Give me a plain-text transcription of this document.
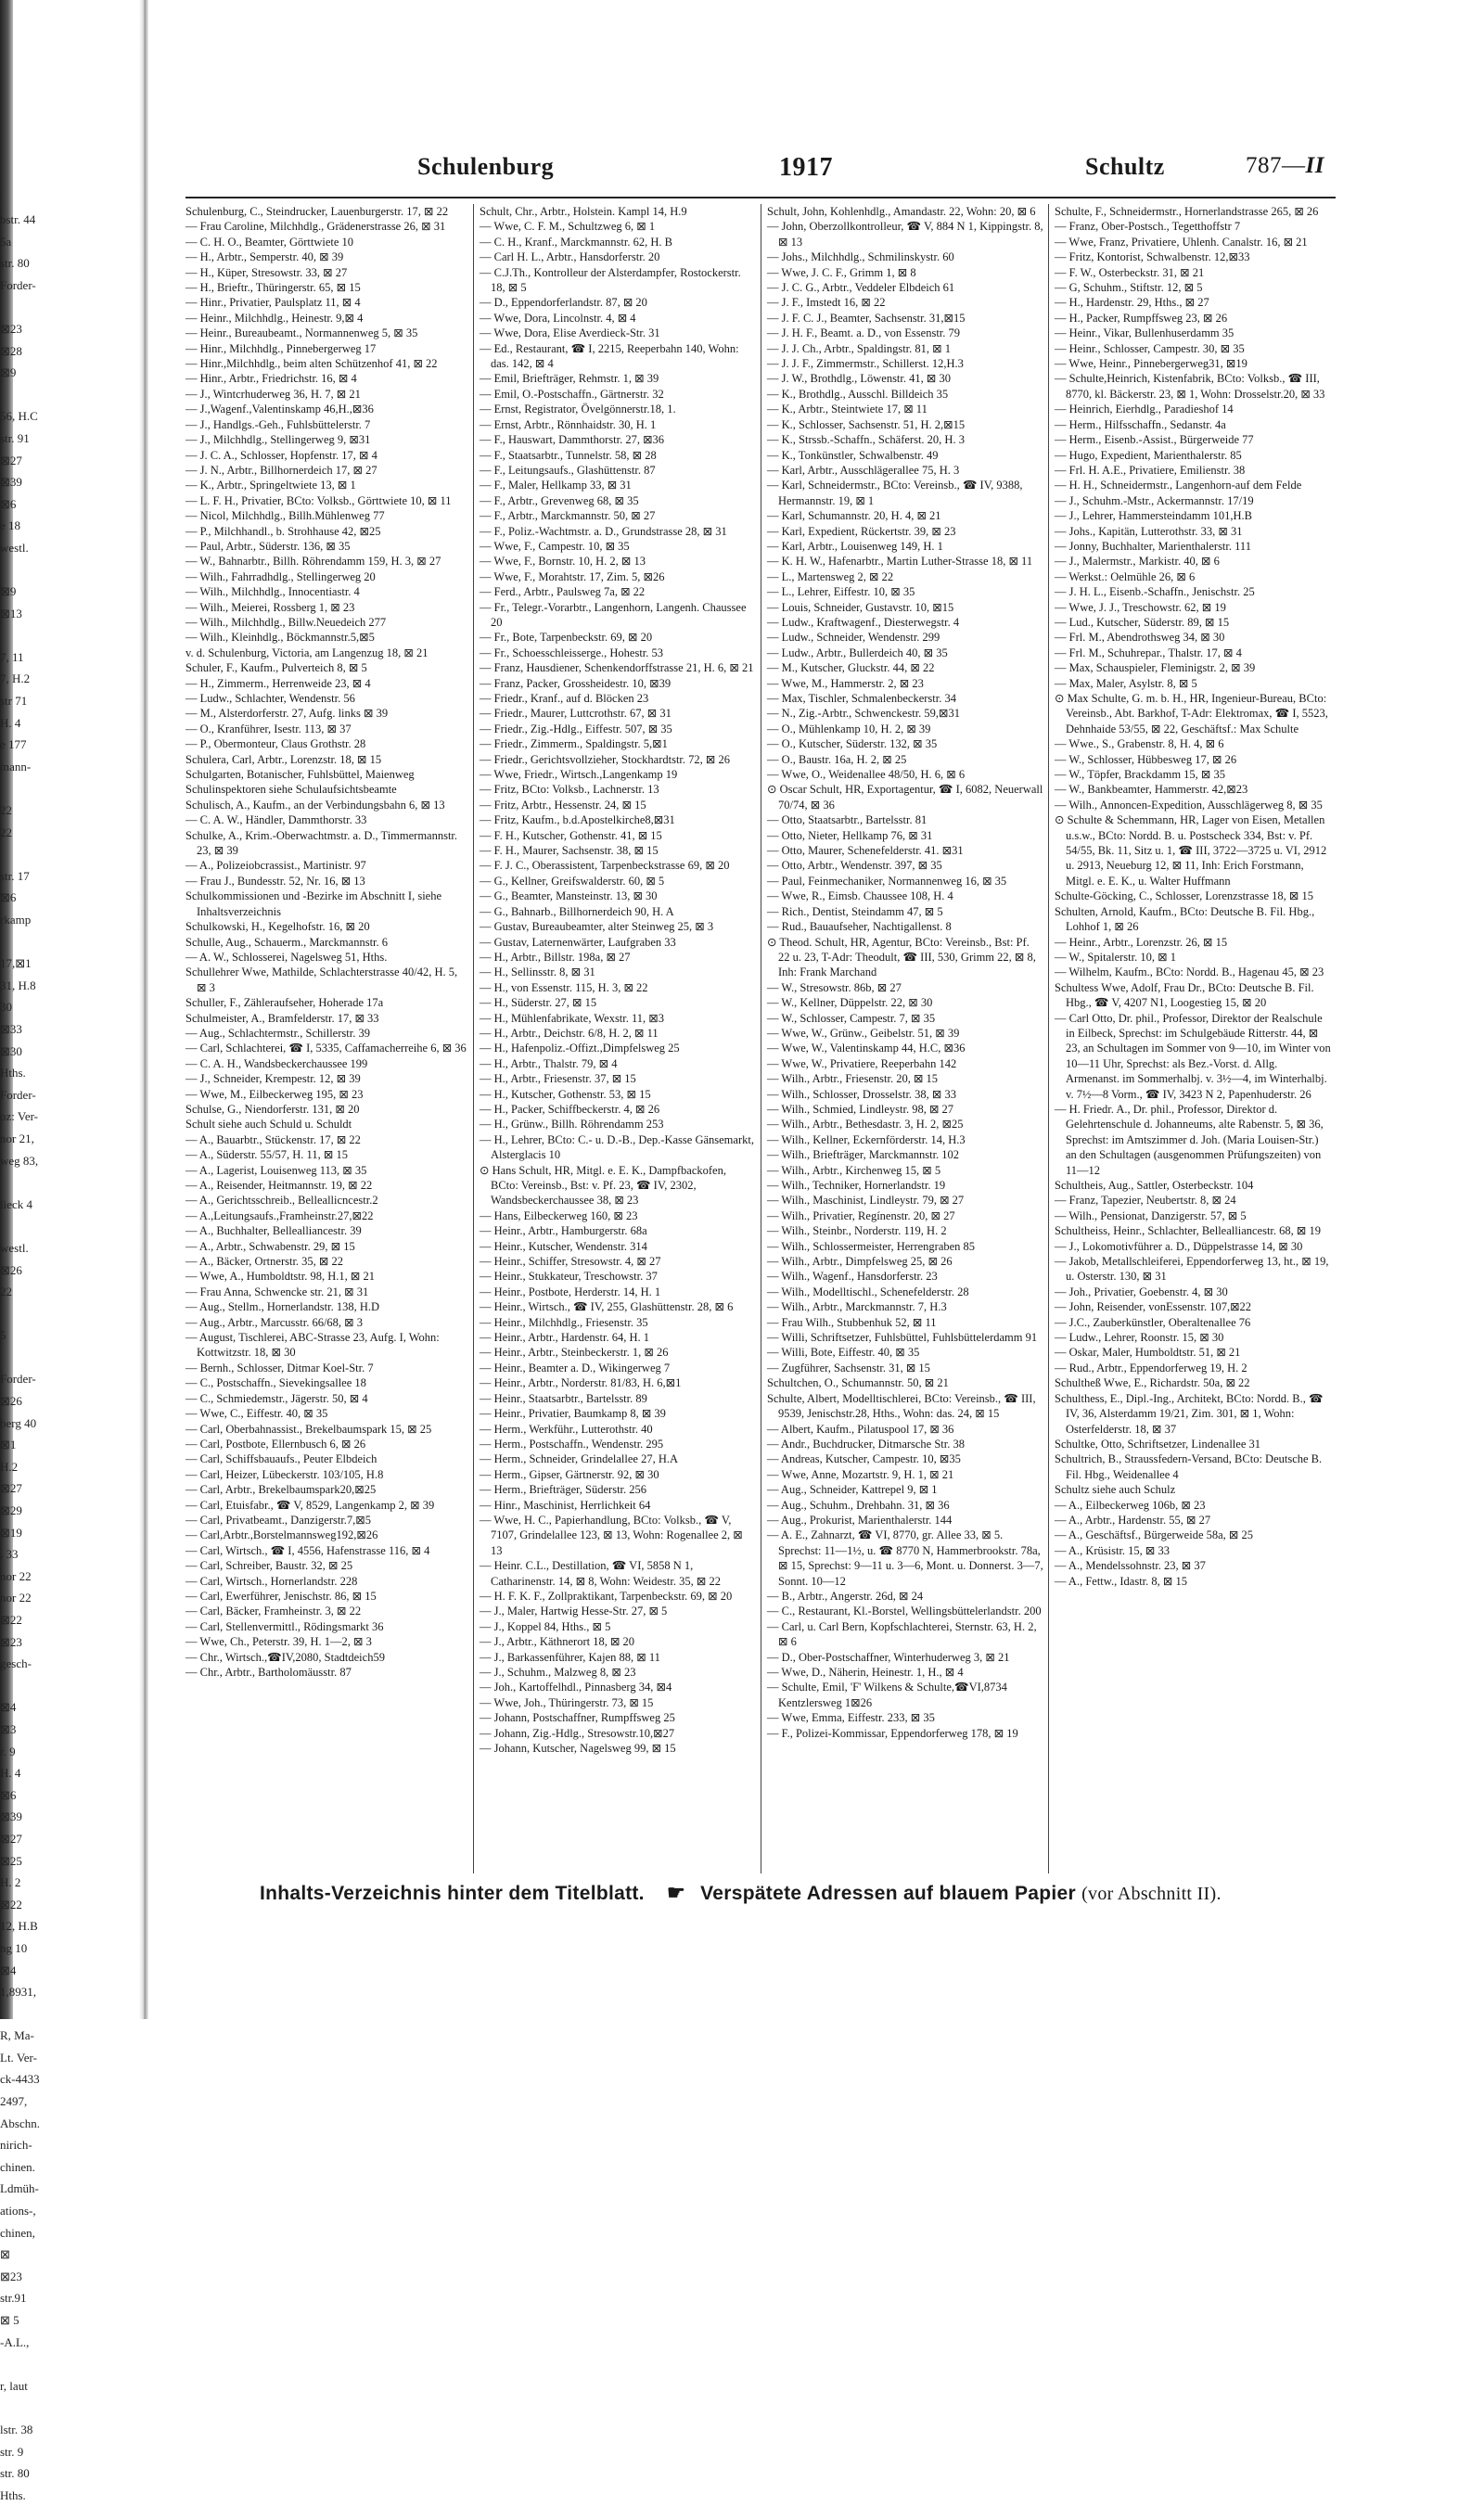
bstr. 44
5a
str. 80
Forder-
⊠23
⊠28
⊠9
56, H.C
str. 91
⊠27
⊠39
⊠6
e 18
westl.
⊠9
⊠13
7, 11
7, H.2
str 71
H. 4
e 177
mann-
22
22
str. 17
⊠6
rkamp
17,⊠1
31, H.8
30
⊠33
⊠30
Hths.
Forder-
oz: Ver-
nor 21,
weg 83,
lieck 4
westl.
⊠26
22
5
Forder-
⊠26
berg 40
⊠1
H.2
⊠27
⊠29
⊠19
. 33
nor 22
nor 22
⊠22
⊠23
gesch-
⊠4
⊠3
r. 9
H. 4
⊠6
⊠39
⊠27
⊠25
H. 2
⊠22
12, H.B
ng 10
⊠4
1,8931,
R, Ma-
Lt. Ver-
ck-4433
2497,
Abschn.
nirich-
chinen.
Ldmüh-
ations-,
chinen,
⊠
⊠23
str.91
⊠ 5
-A.L.,
r, laut
lstr. 38
str. 9
str. 80
Hths.
Schulenburg	1917	Schultz	787—II

Schulenburg, C., Steindrucker, Lauenburgerstr. 17, ⊠ 22

— Frau Caroline, Milchhdlg., Grädenerstrasse 26, ⊠ 31

— C. H. O., Beamter, Görttwiete 10

— H., Arbtr., Semperstr. 40, ⊠ 39

— H., Küper, Stresowstr. 33, ⊠ 27

— H., Brieftr., Thüringerstr. 65, ⊠ 15

— Hinr., Privatier, Paulsplatz 11, ⊠ 4

— Heinr., Milchhdlg., Heinestr. 9,⊠ 4

— Heinr., Bureaubeamt., Normannenweg 5, ⊠ 35

— Hinr., Milchhdlg., Pinnebergerweg 17

— Hinr.,Milchhdlg., beim alten Schützenhof 41, ⊠ 22

— Hinr., Arbtr., Friedrichstr. 16, ⊠ 4

— J., Wintcrhuderweg 36, H. 7, ⊠ 21

— J.,Wagenf.,Valentinskamp 46,H.,⊠36

— J., Handlgs.-Geh., Fuhlsbüttelerstr. 7

— J., Milchhdlg., Stellingerweg 9, ⊠31

— J. C. A., Schlosser, Hopfenstr. 17, ⊠ 4

— J. N., Arbtr., Billhornerdeich 17, ⊠ 27

— K., Arbtr., Springeltwiete 13, ⊠ 1

— L. F. H., Privatier, BCto: Volksb., Görttwiete 10, ⊠ 11

— Nicol, Milchhdlg., Billh.Mühlenweg 77

— P., Milchhandl., b. Strohhause 42, ⊠25

— Paul, Arbtr., Süderstr. 136, ⊠ 35

— W., Bahnarbtr., Billh. Röhrendamm 159, H. 3, ⊠ 27

— Wilh., Fahrradhdlg., Stellingerweg 20

— Wilh., Milchhdlg., Innocentiastr. 4

— Wilh., Meierei, Rossberg 1, ⊠ 23

— Wilh., Milchhdlg., Billw.Neuedeich 277

— Wilh., Kleinhdlg., Böckmannstr.5,⊠5

v. d. Schulenburg, Victoria, am Langenzug 18, ⊠ 21

Schuler, F., Kaufm., Pulverteich 8, ⊠ 5

— H., Zimmerm., Herrenweide 23, ⊠ 4

— Ludw., Schlachter, Wendenstr. 56

— M., Alsterdorferstr. 27, Aufg. links ⊠ 39

— O., Kranführer, Isestr. 113, ⊠ 37

— P., Obermonteur, Claus Grothstr. 28

Schulera, Carl, Arbtr., Lorenzstr. 18, ⊠ 15

Schulgarten, Botanischer, Fuhlsbüttel, Maienweg

Schulinspektoren siehe Schulaufsichtsbeamte

Schulisch, A., Kaufm., an der Verbindungsbahn 6, ⊠ 13

— C. A. W., Händler, Dammthorstr. 33

Schulke, A., Krim.-Oberwachtmstr. a. D., Timmermannstr. 23, ⊠ 39

— A., Polizeiobcrassist., Martinistr. 97

— Frau J., Bundesstr. 52, Nr. 16, ⊠ 13

Schulkommissionen und -Bezirke im Abschnitt I, siehe Inhaltsverzeichnis

Schulkowski, H., Kegelhofstr. 16, ⊠ 20

Schulle, Aug., Schauerm., Marckmannstr. 6

— A. W., Schlosserei, Nagelsweg 51, Hths.

Schullehrer Wwe, Mathilde, Schlachterstrasse 40/42, H. 5, ⊠ 3

Schuller, F., Zähleraufseher, Hoherade 17a

Schulmeister, A., Bramfelderstr. 17, ⊠ 33

— Aug., Schlachtermstr., Schillerstr. 39

— Carl, Schlachterei, ☎ I, 5335, Caffamacherreihe 6, ⊠ 36

— C. A. H., Wandsbeckerchaussee 199

— J., Schneider, Krempestr. 12, ⊠ 39

— Wwe, M., Eilbeckerweg 195, ⊠ 23

Schulse, G., Niendorferstr. 131, ⊠ 20

Schult siehe auch Schuld u. Schuldt

— A., Bauarbtr., Stückenstr. 17, ⊠ 22

— A., Süderstr. 55/57, H. 11, ⊠ 15

— A., Lagerist, Louisenweg 113, ⊠ 35

— A., Reisender, Heitmannstr. 19, ⊠ 22

— A., Gerichtsschreib., Belleallicncestr.2

— A.,Leitungsaufs.,Framheinstr.27,⊠22

— A., Buchhalter, Bellealliancestr. 39

— A., Arbtr., Schwabenstr. 29, ⊠ 15

— A., Bäcker, Ortnerstr. 35, ⊠ 22

— Wwe, A., Humboldtstr. 98, H.1, ⊠ 21

— Frau Anna, Schwencke str. 21, ⊠ 31

— Aug., Stellm., Hornerlandstr. 138, H.D

— Aug., Arbtr., Marcusstr. 66/68, ⊠ 3

— August, Tischlerei, ABC-Strasse 23, Aufg. I, Wohn: Kottwitzstr. 18, ⊠ 30

— Bernh., Schlosser, Ditmar Koel-Str. 7

— C., Postschaffn., Sievekingsallee 18

— C., Schmiedemstr., Jägerstr. 50, ⊠ 4

— Wwe, C., Eiffestr. 40, ⊠ 35

— Carl, Oberbahnassist., Brekelbaumspark 15, ⊠ 25

— Carl, Postbote, Ellernbusch 6, ⊠ 26

— Carl, Schiffsbauaufs., Peuter Elbdeich

— Carl, Heizer, Lübeckerstr. 103/105, H.8

— Carl, Arbtr., Brekelbaumspark20,⊠25

— Carl, Etuisfabr., ☎ V, 8529, Langenkamp 2, ⊠ 39

— Carl, Privatbeamt., Danzigerstr.7,⊠5

— Carl,Arbtr.,Borstelmannsweg192,⊠26

— Carl, Wirtsch., ☎ I, 4556, Hafenstrasse 116, ⊠ 4

— Carl, Schreiber, Baustr. 32, ⊠ 25

— Carl, Wirtsch., Hornerlandstr. 228

— Carl, Ewerführer, Jenischstr. 86, ⊠ 15

— Carl, Bäcker, Framheinstr. 3, ⊠ 22

— Carl, Stellenvermittl., Rödingsmarkt 36

— Wwe, Ch., Peterstr. 39, H. 1—2, ⊠ 3

— Chr., Wirtsch.,☎IV,2080, Stadtdeich59

— Chr., Arbtr., Bartholomäusstr. 87

Schult, Chr., Arbtr., Holstein. Kampl 14, H.9

— Wwe, C. F. M., Schultzweg 6, ⊠ 1

— C. H., Kranf., Marckmannstr. 62, H. B

— Carl H. L., Arbtr., Hansdorferstr. 20

— C.J.Th., Kontrolleur der Alsterdampfer, Rostockerstr. 18, ⊠ 5

— D., Eppendorferlandstr. 87, ⊠ 20

— Wwe, Dora, Lincolnstr. 4, ⊠ 4

— Wwe, Dora, Elise Averdieck-Str. 31

— Ed., Restaurant, ☎ I, 2215, Reeperbahn 140, Wohn: das. 142, ⊠ 4

— Emil, Briefträger, Rehmstr. 1, ⊠ 39

— Emil, O.-Postschaffn., Gärtnerstr. 32

— Ernst, Registrator, Övelgönnerstr.18, 1.

— Ernst, Arbtr., Rönnhaidstr. 30, H. 1

— F., Hauswart, Dammthorstr. 27, ⊠36

— F., Staatsarbtr., Tunnelstr. 58, ⊠ 28

— F., Leitungsaufs., Glashüttenstr. 87

— F., Maler, Hellkamp 33, ⊠ 31

— F., Arbtr., Grevenweg 68, ⊠ 35

— F., Arbtr., Marckmannstr. 50, ⊠ 27

— F., Poliz.-Wachtmstr. a. D., Grundstrasse 28, ⊠ 31

— Wwe, F., Campestr. 10, ⊠ 35

— Wwe, F., Bornstr. 10, H. 2, ⊠ 13

— Wwe, F., Morahtstr. 17, Zim. 5, ⊠26

— Ferd., Arbtr., Paulsweg 7a, ⊠ 22

— Fr., Telegr.-Vorarbtr., Langenhorn, Langenh. Chaussee 20

— Fr., Bote, Tarpenbeckstr. 69, ⊠ 20

— Fr., Schoesschleisserge., Hohestr. 53

— Franz, Hausdiener, Schenkendorffstrasse 21, H. 6, ⊠ 21

— Franz, Packer, Grossheidestr. 10, ⊠39

— Friedr., Kranf., auf d. Blöcken 23

— Friedr., Maurer, Luttcrothstr. 67, ⊠ 31

— Friedr., Zig.-Hdlg., Eiffestr. 507, ⊠ 35

— Friedr., Zimmerm., Spaldingstr. 5,⊠1

— Friedr., Gerichtsvollzieher, Stockhardtstr. 72, ⊠ 26

— Wwe, Friedr., Wirtsch.,Langenkamp 19

— Fritz, BCto: Volksb., Lachnerstr. 13

— Fritz, Arbtr., Hessenstr. 24, ⊠ 15

— Fritz, Kaufm., b.d.Apostelkirche8,⊠31

— F. H., Kutscher, Gothenstr. 41, ⊠ 15

— F. H., Maurer, Sachsenstr. 38, ⊠ 15

— F. J. C., Oberassistent, Tarpenbeckstrasse 69, ⊠ 20

— G., Kellner, Greifswalderstr. 60, ⊠ 5

— G., Beamter, Mansteinstr. 13, ⊠ 30

— G., Bahnarb., Billhornerdeich 90, H. A

— Gustav, Bureaubeamter, alter Steinweg 25, ⊠ 3

— Gustav, Laternenwärter, Laufgraben 33

— H., Arbtr., Billstr. 198a, ⊠ 27

— H., Sellinsstr. 8, ⊠ 31

— H., von Essenstr. 115, H. 3, ⊠ 22

— H., Süderstr. 27, ⊠ 15

— H., Mühlenfabrikate, Wexstr. 11, ⊠3

— H., Arbtr., Deichstr. 6/8, H. 2, ⊠ 11

— H., Hafenpoliz.-Offizt.,Dimpfelsweg 25

— H., Arbtr., Thalstr. 79, ⊠ 4

— H., Arbtr., Friesenstr. 37, ⊠ 15

— H., Kutscher, Gothenstr. 53, ⊠ 15

— H., Packer, Schiffbeckerstr. 4, ⊠ 26

— H., Grünw., Billh. Röhrendamm 253

— H., Lehrer, BCto: C.- u. D.-B., Dep.-Kasse Gänsemarkt, Alsterglacis 10

⊙ Hans Schult, HR, Mitgl. e. E. K., Dampfbackofen, BCto: Vereinsb., Bst: v. Pf. 23, ☎ IV, 2302, Wandsbeckerchaussee 38, ⊠ 23

— Hans, Eilbeckerweg 160, ⊠ 23

— Heinr., Arbtr., Hamburgerstr. 68a

— Heinr., Kutscher, Wendenstr. 314

— Heinr., Schiffer, Stresowstr. 4, ⊠ 27

— Heinr., Stukkateur, Treschowstr. 37

— Heinr., Postbote, Herderstr. 14, H. 1

— Heinr., Wirtsch., ☎ IV, 255, Glashüttenstr. 28, ⊠ 6

— Heinr., Milchhdlg., Friesenstr. 35

— Heinr., Arbtr., Hardenstr. 64, H. 1

— Heinr., Arbtr., Steinbeckerstr. 1, ⊠ 26

— Heinr., Beamter a. D., Wikingerweg 7

— Heinr., Arbtr., Norderstr. 81/83, H. 6,⊠1

— Heinr., Staatsarbtr., Bartelsstr. 89

— Heinr., Privatier, Baumkamp 8, ⊠ 39

— Herm., Werkführ., Lutterothstr. 40

— Herm., Postschaffn., Wendenstr. 295

— Herm., Schneider, Grindelallee 27, H.A

— Herm., Gipser, Gärtnerstr. 92, ⊠ 30

— Herm., Briefträger, Süderstr. 256

— Hinr., Maschinist, Herrlichkeit 64

— Wwe, H. C., Papierhandlung, BCto: Volksb., ☎ V, 7107, Grindelallee 123, ⊠ 13, Wohn: Rogenallee 2, ⊠ 13

— Heinr. C.L., Destillation, ☎ VI, 5858 N 1, Catharinenstr. 14, ⊠ 8, Wohn: Weidestr. 35, ⊠ 22

— H. F. K. F., Zollpraktikant, Tarpenbeckstr. 69, ⊠ 20

— J., Maler, Hartwig Hesse-Str. 27, ⊠ 5

— J., Koppel 84, Hths., ⊠ 5

— J., Arbtr., Käthnerort 18, ⊠ 20

— J., Barkassenführer, Kajen 88, ⊠ 11

— J., Schuhm., Malzweg 8, ⊠ 23

— Joh., Kartoffelhdl., Pinnasberg 34, ⊠4

— Wwe, Joh., Thüringerstr. 73, ⊠ 15

— Johann, Postschaffner, Rumpffsweg 25

— Johann, Zig.-Hdlg., Stresowstr.10,⊠27

— Johann, Kutscher, Nagelsweg 99, ⊠ 15

Schult, John, Kohlenhdlg., Amandastr. 22, Wohn: 20, ⊠ 6

— John, Oberzollkontrolleur, ☎ V, 884 N 1, Kippingstr. 8, ⊠ 13

— Johs., Milchhdlg., Schmilinskystr. 60

— Wwe, J. C. F., Grimm 1, ⊠ 8

— J. C. G., Arbtr., Veddeler Elbdeich 61

— J. F., Imstedt 16, ⊠ 22

— J. F. C. J., Beamter, Sachsenstr. 31,⊠15

— J. H. F., Beamt. a. D., von Essenstr. 79

— J. J. Ch., Arbtr., Spaldingstr. 81, ⊠ 1

— J. J. F., Zimmermstr., Schillerst. 12,H.3

— J. W., Brothdlg., Löwenstr. 41, ⊠ 30

— K., Brothdlg., Ausschl. Billdeich 35

— K., Arbtr., Steintwiete 17, ⊠ 11

— K., Schlosser, Sachsenstr. 51, H. 2,⊠15

— K., Strssb.-Schaffn., Schäferst. 20, H. 3

— K., Tonkünstler, Schwalbenstr. 49

— Karl, Arbtr., Ausschlägerallee 75, H. 3

— Karl, Schneidermstr., BCto: Vereinsb., ☎ IV, 9388, Hermannstr. 19, ⊠ 1

— Karl, Schumannstr. 20, H. 4, ⊠ 21

— Karl, Expedient, Rückertstr. 39, ⊠ 23

— Karl, Arbtr., Louisenweg 149, H. 1

— K. H. W., Hafenarbtr., Martin Luther-Strasse 18, ⊠ 11

— L., Martensweg 2, ⊠ 22

— L., Lehrer, Eiffestr. 10, ⊠ 35

— Louis, Schneider, Gustavstr. 10, ⊠15

— Ludw., Kraftwagenf., Diesterwegstr. 4

— Ludw., Schneider, Wendenstr. 299

— Ludw., Arbtr., Bullerdeich 40, ⊠ 35

— M., Kutscher, Gluckstr. 44, ⊠ 22

— Wwe, M., Hammerstr. 2, ⊠ 23

— Max, Tischler, Schmalenbeckerstr. 34

— N., Zig.-Arbtr., Schwenckestr. 59,⊠31

— O., Mühlenkamp 10, H. 2, ⊠ 39

— O., Kutscher, Süderstr. 132, ⊠ 35

— O., Baustr. 16a, H. 2, ⊠ 25

— Wwe, O., Weidenallee 48/50, H. 6, ⊠ 6

⊙ Oscar Schult, HR, Exportagentur, ☎ I, 6082, Neuerwall 70/74, ⊠ 36

— Otto, Staatsarbtr., Bartelsstr. 81

— Otto, Nieter, Hellkamp 76, ⊠ 31

— Otto, Maurer, Schenefelderstr. 41. ⊠31

— Otto, Arbtr., Wendenstr. 397, ⊠ 35

— Paul, Feinmechaniker, Normannenweg 16, ⊠ 35

— Wwe, R., Eimsb. Chaussee 108, H. 4

— Rich., Dentist, Steindamm 47, ⊠ 5

— Rud., Bauaufseher, Nachtigallenst. 8

⊙ Theod. Schult, HR, Agentur, BCto: Vereinsb., Bst: Pf. 22 u. 23, T-Adr: Theodult, ☎ III, 530, Grimm 22, ⊠ 8, Inh: Frank Marchand

— W., Stresowstr. 86b, ⊠ 27

— W., Kellner, Düppelstr. 22, ⊠ 30

— W., Schlosser, Campestr. 7, ⊠ 35

— Wwe, W., Grünw., Geibelstr. 51, ⊠ 39

— Wwe, W., Valentinskamp 44, H.C, ⊠36

— Wwe, W., Privatiere, Reeperbahn 142

— Wilh., Arbtr., Friesenstr. 20, ⊠ 15

— Wilh., Schlosser, Drosselstr. 38, ⊠ 33

— Wilh., Schmied, Lindleystr. 98, ⊠ 27

— Wilh., Arbtr., Bethesdastr. 3, H. 2, ⊠25

— Wilh., Kellner, Eckernförderstr. 14, H.3

— Wilh., Briefträger, Marckmannstr. 102

— Wilh., Arbtr., Kirchenweg 15, ⊠ 5

— Wilh., Techniker, Hornerlandstr. 19

— Wilh., Maschinist, Lindleystr. 79, ⊠ 27

— Wilh., Privatier, Regínenstr. 20, ⊠ 27

— Wilh., Steinbr., Norderstr. 119, H. 2

— Wilh., Schlossermeister, Herrengraben 85

— Wilh., Arbtr., Dimpfelsweg 25, ⊠ 26

— Wilh., Wagenf., Hansdorferstr. 23

— Wilh., Modelltischl., Schenefelderstr. 28

— Wilh., Arbtr., Marckmannstr. 7, H.3

— Frau Wilh., Stubbenhuk 52, ⊠ 11

— Willi, Schriftsetzer, Fuhlsbüttel, Fuhlsbüttelerdamm 91

— Willi, Bote, Eiffestr. 40, ⊠ 35

— Zugführer, Sachsenstr. 31, ⊠ 15

Schultchen, O., Schumannstr. 50, ⊠ 21

Schulte, Albert, Modelltischlerei, BCto: Vereinsb., ☎ III, 9539, Jenischstr.28, Hths., Wohn: das. 24, ⊠ 15

— Albert, Kaufm., Pilatuspool 17, ⊠ 36

— Andr., Buchdrucker, Ditmarsche Str. 38

— Andreas, Kutscher, Campestr. 10, ⊠35

— Wwe, Anne, Mozartstr. 9, H. 1, ⊠ 21

— Aug., Schneider, Kattrepel 9, ⊠ 1

— Aug., Schuhm., Drehbahn. 31, ⊠ 36

— Aug., Prokurist, Marienthalerstr. 144

— A. E., Zahnarzt, ☎ VI, 8770, gr. Allee 33, ⊠ 5. Sprechst: 11—1½, u. ☎ 8770 N, Hammerbrookstr. 78a, ⊠ 15, Sprechst: 9—11 u. 3—6, Mont. u. Donnerst. 3—7, Sonnt. 10—12

— B., Arbtr., Angerstr. 26d, ⊠ 24

— C., Restaurant, Kl.-Borstel, Wellingsbüttelerlandstr. 200

— Carl, u. Carl Bern, Kopfschlachterei, Sternstr. 63, H. 2, ⊠ 6

— D., Ober-Postschaffner, Winterhuderweg 3, ⊠ 21

— Wwe, D., Näherin, Heinestr. 1, H., ⊠ 4

— Schulte, Emil, 'F' Wilkens & Schulte,☎VI,8734 Kentzlersweg 1⊠26

— Wwe, Emma, Eiffestr. 233, ⊠ 35

— F., Polizei-Kommissar, Eppendorferweg 178, ⊠ 19

Schulte, F., Schneidermstr., Hornerlandstrasse 265, ⊠ 26

— Franz, Ober-Postsch., Tegetthoffstr 7

— Wwe, Franz, Privatiere, Uhlenh. Canalstr. 16, ⊠ 21

— Fritz, Kontorist, Schwalbenstr. 12,⊠33

— F. W., Osterbeckstr. 31, ⊠ 21

— G, Schuhm., Stiftstr. 12, ⊠ 5

— H., Hardenstr. 29, Hths., ⊠ 27

— H., Packer, Rumpffsweg 23, ⊠ 26

— Heinr., Vikar, Bullenhuserdamm 35

— Heinr., Schlosser, Campestr. 30, ⊠ 35

— Wwe, Heinr., Pinnebergerweg31, ⊠19

— Schulte,Heinrich, Kistenfabrik, BCto: Volksb., ☎ III, 8770, kl. Bäckerstr. 23, ⊠ 1, Wohn: Drosselstr.20, ⊠ 33

— Heinrich, Eierhdlg., Paradieshof 14

— Herm., Hilfsschaffn., Sedanstr. 4a

— Herm., Eisenb.-Assist., Bürgerweide 77

— Hugo, Expedient, Marienthalerstr. 85

— Frl. H. A.E., Privatiere, Emilienstr. 38

— H. H., Schneidermstr., Langenhorn-auf dem Felde

— J., Schuhm.-Mstr., Ackermannstr. 17/19

— J., Lehrer, Hammersteindamm 101,H.B

— Johs., Kapitän, Lutterothstr. 33, ⊠ 31

— Jonny, Buchhalter, Marienthalerstr. 111

— J., Malermstr., Markistr. 40, ⊠ 6

— Werkst.: Oelmühle 26, ⊠ 6

— J. H. L., Eisenb.-Schaffn., Jenischstr. 25

— Wwe, J. J., Treschowstr. 62, ⊠ 19

— Lud., Kutscher, Süderstr. 89, ⊠ 15

— Frl. M., Abendrothsweg 34, ⊠ 30

— Frl. M., Schuhrepar., Thalstr. 17, ⊠ 4

— Max, Schauspieler, Fleminigstr. 2, ⊠ 39

— Max, Maler, Asylstr. 8, ⊠ 5

⊙ Max Schulte, G. m. b. H., HR, Ingenieur-Bureau, BCto: Vereinsb., Abt. Barkhof, T-Adr: Elektromax, ☎ I, 5523, Dehnhaide 53/55, ⊠ 22, Geschäftsf.: Max Schulte

— Wwe., S., Grabenstr. 8, H. 4, ⊠ 6

— W., Schlosser, Hübbesweg 17, ⊠ 26

— W., Töpfer, Brackdamm 15, ⊠ 35

— W., Bankbeamter, Hammerstr. 42,⊠23

— Wilh., Annoncen-Expedition, Ausschlägerweg 8, ⊠ 35

⊙ Schulte & Schemmann, HR, Lager von Eisen, Metallen u.s.w., BCto: Nordd. B. u. Postscheck 334, Bst: v. Pf. 54/55, Bk. 11, Sitz u. 1, ☎ III, 3722—3725 u. VI, 2912 u. 2913, Neueburg 12, ⊠ 11, Inh: Erich Forstmann, Mitgl. e. E. K., u. Walter Huffmann

Schulte-Göcking, C., Schlosser, Lorenzstrasse 18, ⊠ 15

Schulten, Arnold, Kaufm., BCto: Deutsche B. Fil. Hbg., Lohhof 1, ⊠ 26

— Heinr., Arbtr., Lorenzstr. 26, ⊠ 15

— W., Spitalerstr. 10, ⊠ 1

— Wilhelm, Kaufm., BCto: Nordd. B., Hagenau 45, ⊠ 23

Schultess Wwe, Adolf, Frau Dr., BCto: Deutsche B. Fil. Hbg., ☎ V, 4207 N1, Loogestieg 15, ⊠ 20

— Carl Otto, Dr. phil., Professor, Direktor der Realschule in Eilbeck, Sprechst: im Schulgebäude Ritterstr. 44, ⊠ 23, an Schultagen im Sommer von 9—10, im Winter von 10—11 Uhr, Sprechst: als Bez.-Vorst. d. Allg. Armenanst. im Sommerhalbj. v. 3½—4, im Winterhalbj. v. 7½—8 Vorm., ☎ IV, 3423 N 2, Papenhuderstr. 26

— H. Friedr. A., Dr. phil., Professor, Direktor d. Gelehrtenschule d. Johanneums, alte Rabenstr. 5, ⊠ 36, Sprechst: im Amtszimmer d. Joh. (Maria Louisen-Str.) an den Schultagen (ausgenommen Prüfungszeiten) von 11—12

Schultheis, Aug., Sattler, Osterbeckstr. 104

— Franz, Tapezier, Neubertstr. 8, ⊠ 24

— Wilh., Pensionat, Danzigerstr. 57, ⊠ 5

Schultheiss, Heinr., Schlachter, Bellealliancestr. 68, ⊠ 19

— J., Lokomotivführer a. D., Düppelstrasse 14, ⊠ 30

— Jakob, Metallschleiferei, Eppendorferweg 13, ht., ⊠ 19, u. Osterstr. 130, ⊠ 31

— Joh., Privatier, Goebenstr. 4, ⊠ 30

— John, Reisender, vonEssenstr. 107,⊠22

— J.C., Zauberkünstler, Oberaltenallee 76

— Ludw., Lehrer, Roonstr. 15, ⊠ 30

— Oskar, Maler, Humboldtstr. 51, ⊠ 21

— Rud., Arbtr., Eppendorferweg 19, H. 2

Schultheß Wwe, E., Richardstr. 50a, ⊠ 22

Schulthess, E., Dipl.-Ing., Architekt, BCto: Nordd. B., ☎ IV, 36, Alsterdamm 19/21, Zim. 301, ⊠ 1, Wohn: Osterfelderstr. 18, ⊠ 37

Schultke, Otto, Schriftsetzer, Lindenallee 31

Schultrich, B., Straussfedern-Versand, BCto: Deutsche B. Fil. Hbg., Weidenallee 4

Schultz siehe auch Schulz

— A., Eilbeckerweg 106b, ⊠ 23

— A., Arbtr., Hardenstr. 55, ⊠ 27

— A., Geschäftsf., Bürgerweide 58a, ⊠ 25

— A., Krüsistr. 15, ⊠ 33

— A., Mendelssohnstr. 23, ⊠ 37

— A., Fettw., Idastr. 8, ⊠ 15

Inhalts-Verzeichnis hinter dem Titelblatt. ☛ Verspätete Adressen auf blauem Papier (vor Abschnitt II).
